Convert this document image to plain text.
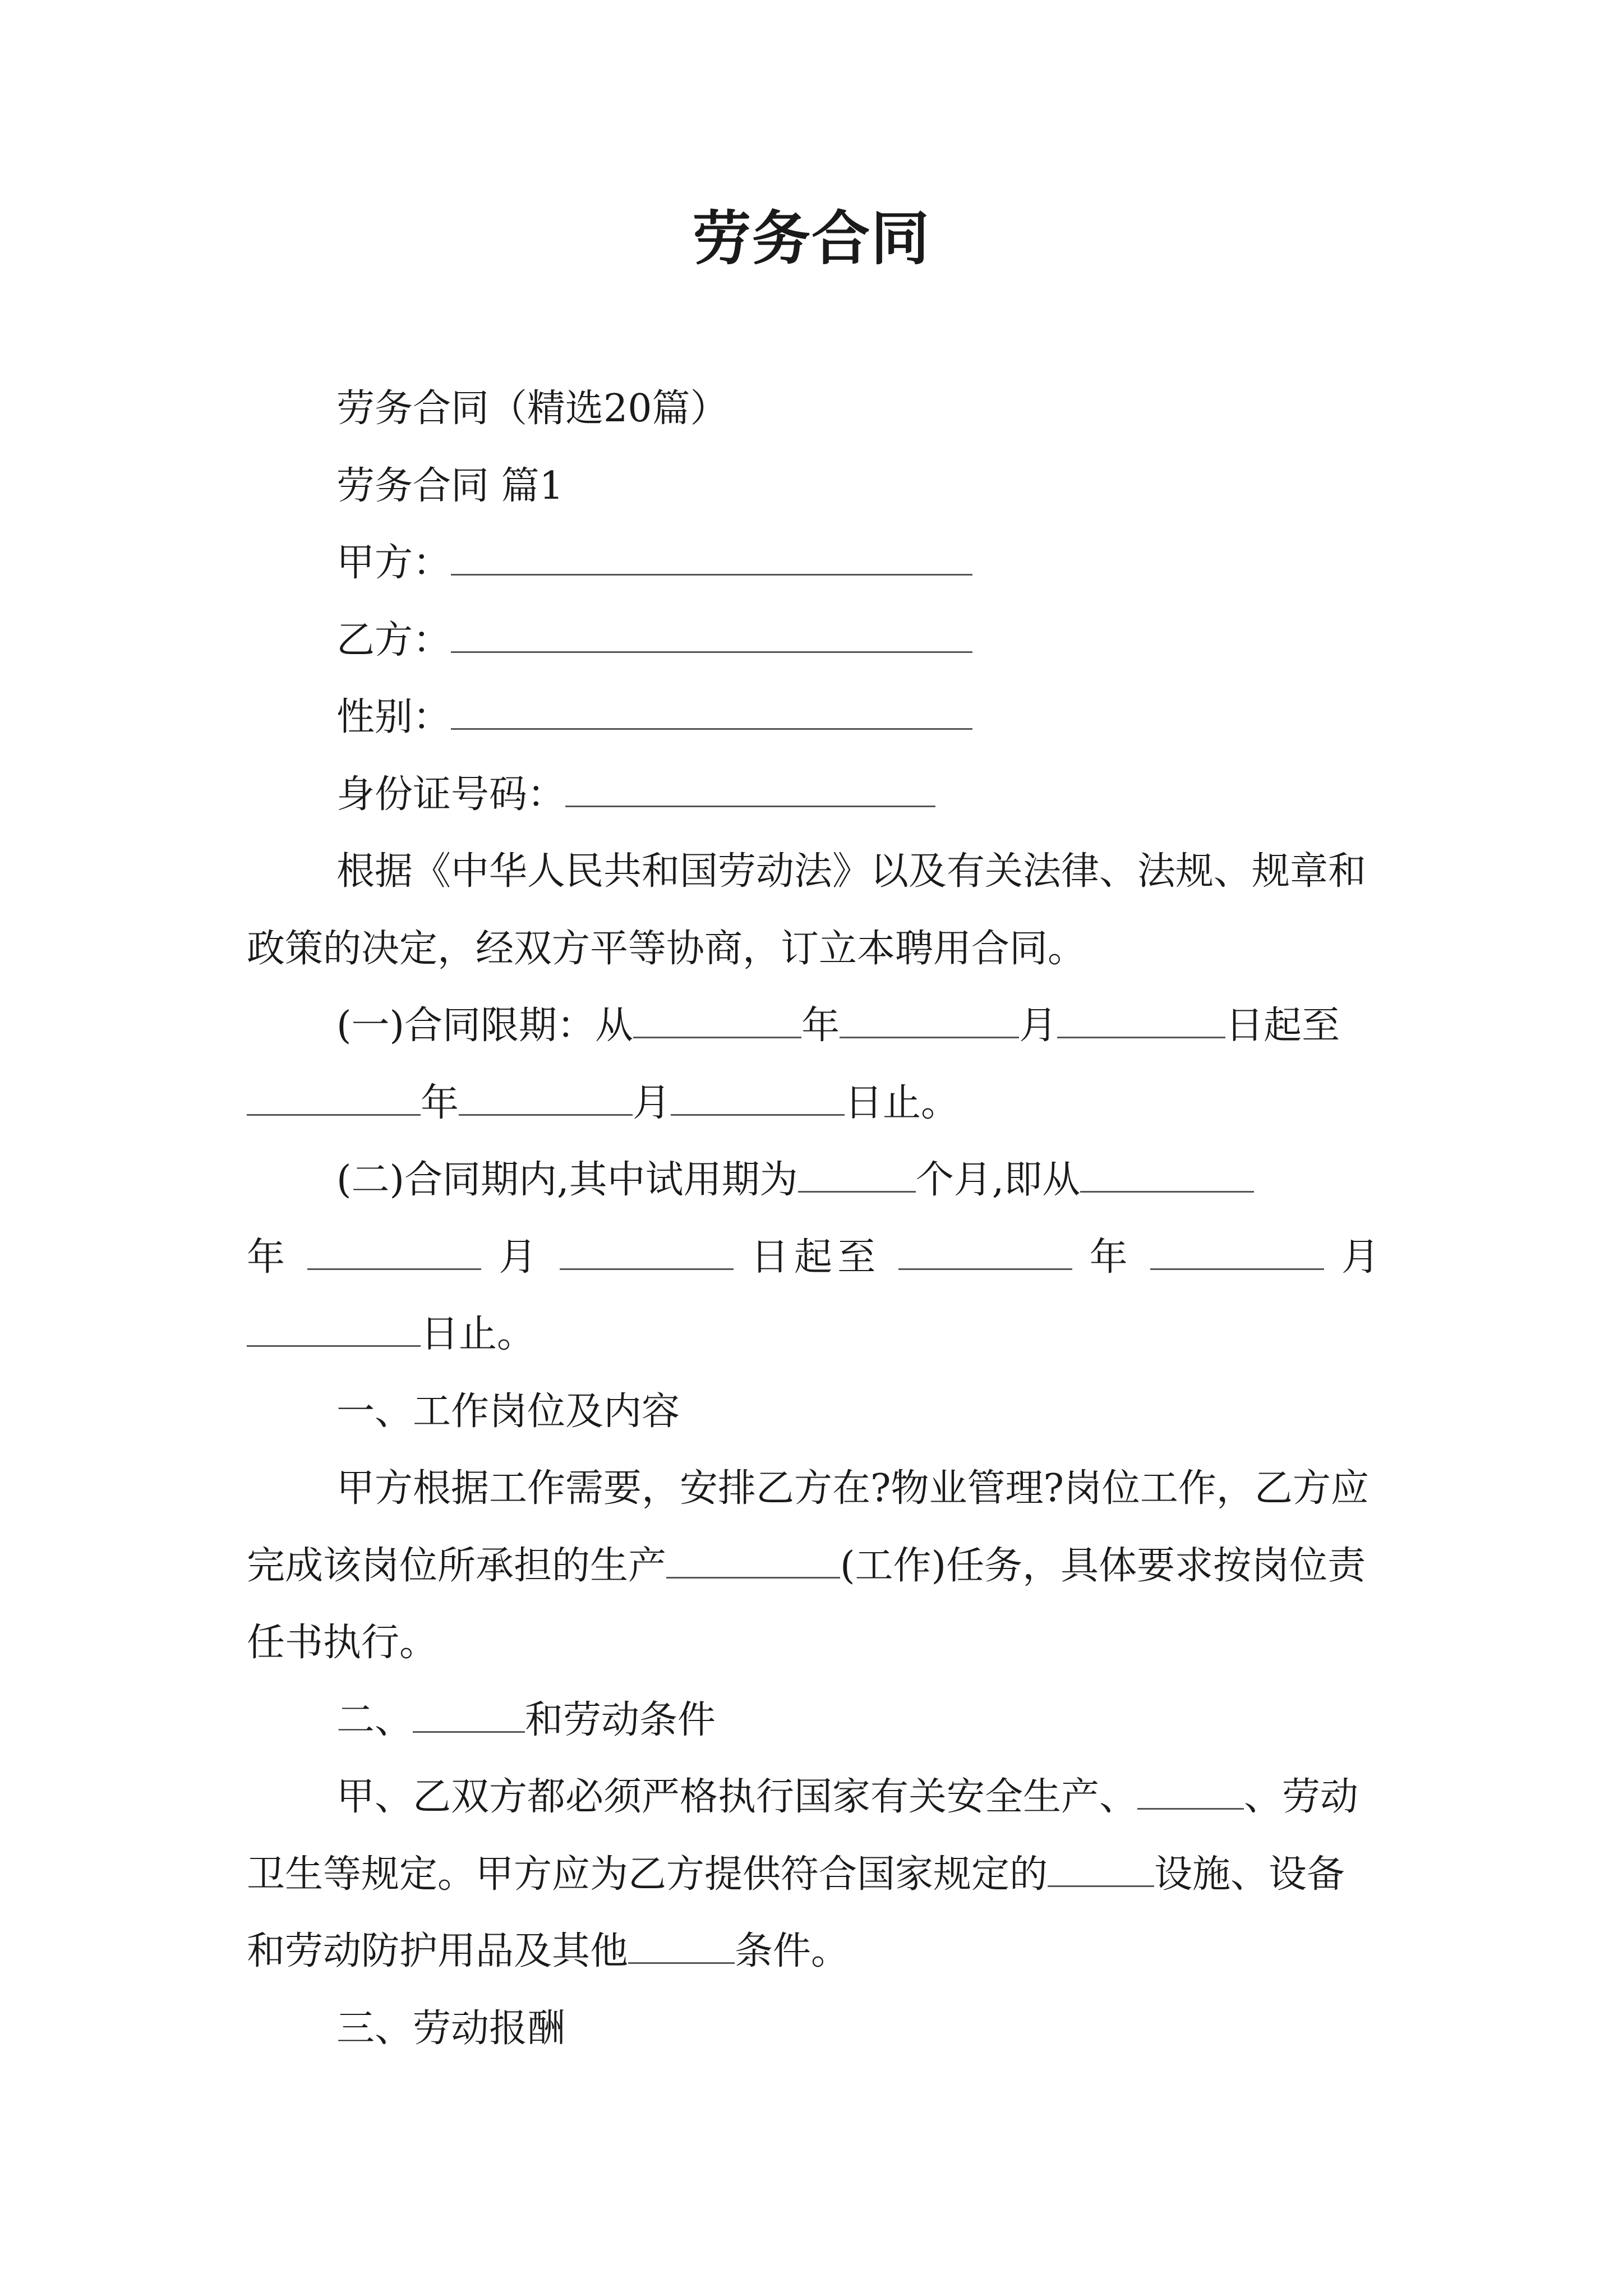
劳务合同

劳务合同（精选20篇）

劳务合同 篇1

甲方：
乙方：
性别：
身份证号码：

根据《中华人民共和国劳动法》以及有关法律、法规、规章和政策的决定，经双方平等协商，订立本聘用合同。

(一)合同限期：从	年	月	日起至年	月	日止。

(二)合同期内,其中试用期为	个月,即从

年	月	日起至	年	月

日止。

一、工作岗位及内容

甲方根据工作需要，安排乙方在?物业管理?岗位工作，乙方应完成该岗位所承担的生产	(工作)任务，具体要求按岗位责任书执行。

二、	和劳动条件

甲、乙双方都必须严格执行国家有关安全生产、	、劳动卫生等规定。甲方应为乙方提供符合国家规定的	设施、设备和劳动防护用品及其他	条件。

三、劳动报酬
